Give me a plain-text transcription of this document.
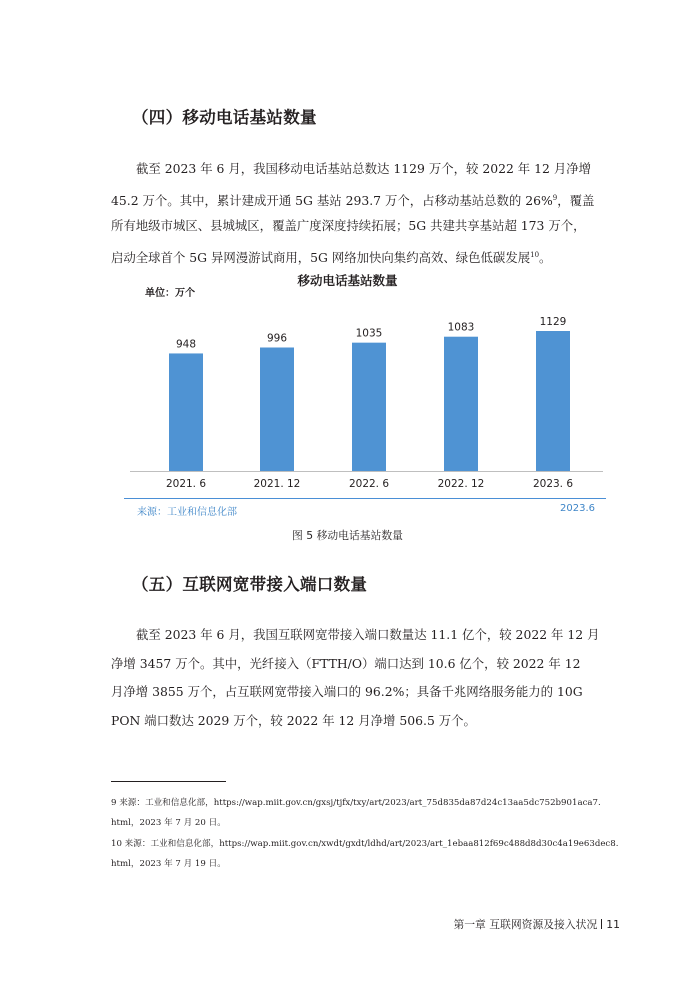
（四）移动电话基站数量
截至 2023 年 6 月，我国移动电话基站总数达 1129 万个，较 2022 年 12 月净增
45.2 万个。其中，累计建成开通 5G 基站 293.7 万个，占移动基站总数的 26%$^9$，覆盖
所有地级市城区、县城城区，覆盖广度深度持续拓展；5G 共建共享基站超 173 万个，
启动全球首个 5G 异网漫游试商用，5G 网络加快向集约高效、绿色低碳发展$^{10}$。
移动电话基站数量
单位：万个
948
2021. 6
996
2021. 12
1035
2022. 6
1083
2022. 12
1129
2023. 6
来源：工业和信息化部	2023.6
图 5 移动电话基站数量
（五）互联网宽带接入端口数量
截至 2023 年 6 月，我国互联网宽带接入端口数量达 11.1 亿个，较 2022 年 12 月
净增 3457 万个。其中，光纤接入（FTTH/O）端口达到 10.6 亿个，较 2022 年 12
月净增 3855 万个，占互联网宽带接入端口的 96.2%；具备千兆网络服务能力的 10G
PON 端口数达 2029 万个，较 2022 年 12 月净增 506.5 万个。
9 来源：工业和信息化部，https://wap.miit.gov.cn/gxsj/tjfx/txy/art/2023/art_75d835da87d24c13aa5dc752b901aca7.
html，2023 年 7 月 20 日。
10 来源：工业和信息化部，https://wap.miit.gov.cn/xwdt/gxdt/ldhd/art/2023/art_1ebaa812f69c488d8d30c4a19e63dec8.
html，2023 年 7 月 19 日。
第一章 互联网资源及接入状况 11
